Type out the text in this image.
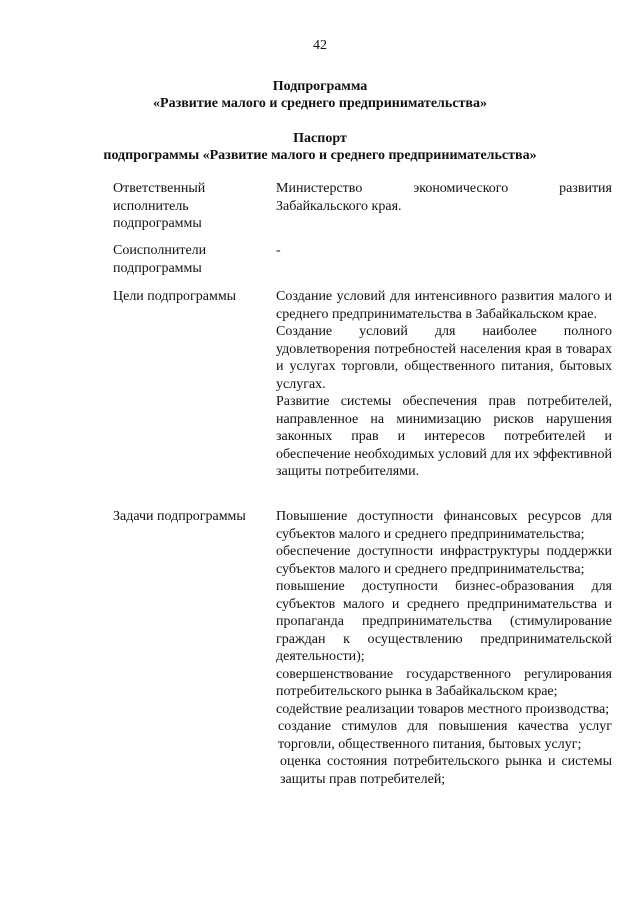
42
Подпрограмма
«Развитие малого и среднего предпринимательства»
Паспорт
подпрограммы «Развитие малого и среднего предпринимательства»
Ответственный
исполнитель
подпрограммы

Министерство экономического развития Забайкальского края.

Соисполнители
подпрограммы

-

Цели подпрограммы	Создание условий для интенсивного развития малого и среднего предпринимательства в Забайкальском крае.

Создание условий для наиболее полного удовлетворения потребностей населения края в товарах и услугах торговли, общественного питания, бытовых услугах.

Развитие системы обеспечения прав потребителей, направленное на минимизацию рисков нарушения законных прав и интересов потребителей и обеспечение необходимых условий для их эффективной защиты потребителями.

Задачи подпрограммы	Повышение доступности финансовых ресурсов для субъектов малого и среднего предпринимательства;

обеспечение доступности инфраструктуры поддержки субъектов малого и среднего предпринимательства;

повышение доступности бизнес-образования для субъектов малого и среднего предпринимательства и пропаганда предпринимательства (стимулирование граждан к осуществлению предпринимательской деятельности);

совершенствование государственного регулирования потребительского рынка в Забайкальском крае;

содействие реализации товаров местного производства;

создание стимулов для повышения качества услуг торговли, общественного питания, бытовых услуг;

оценка состояния потребительского рынка и системы защиты прав потребителей;
